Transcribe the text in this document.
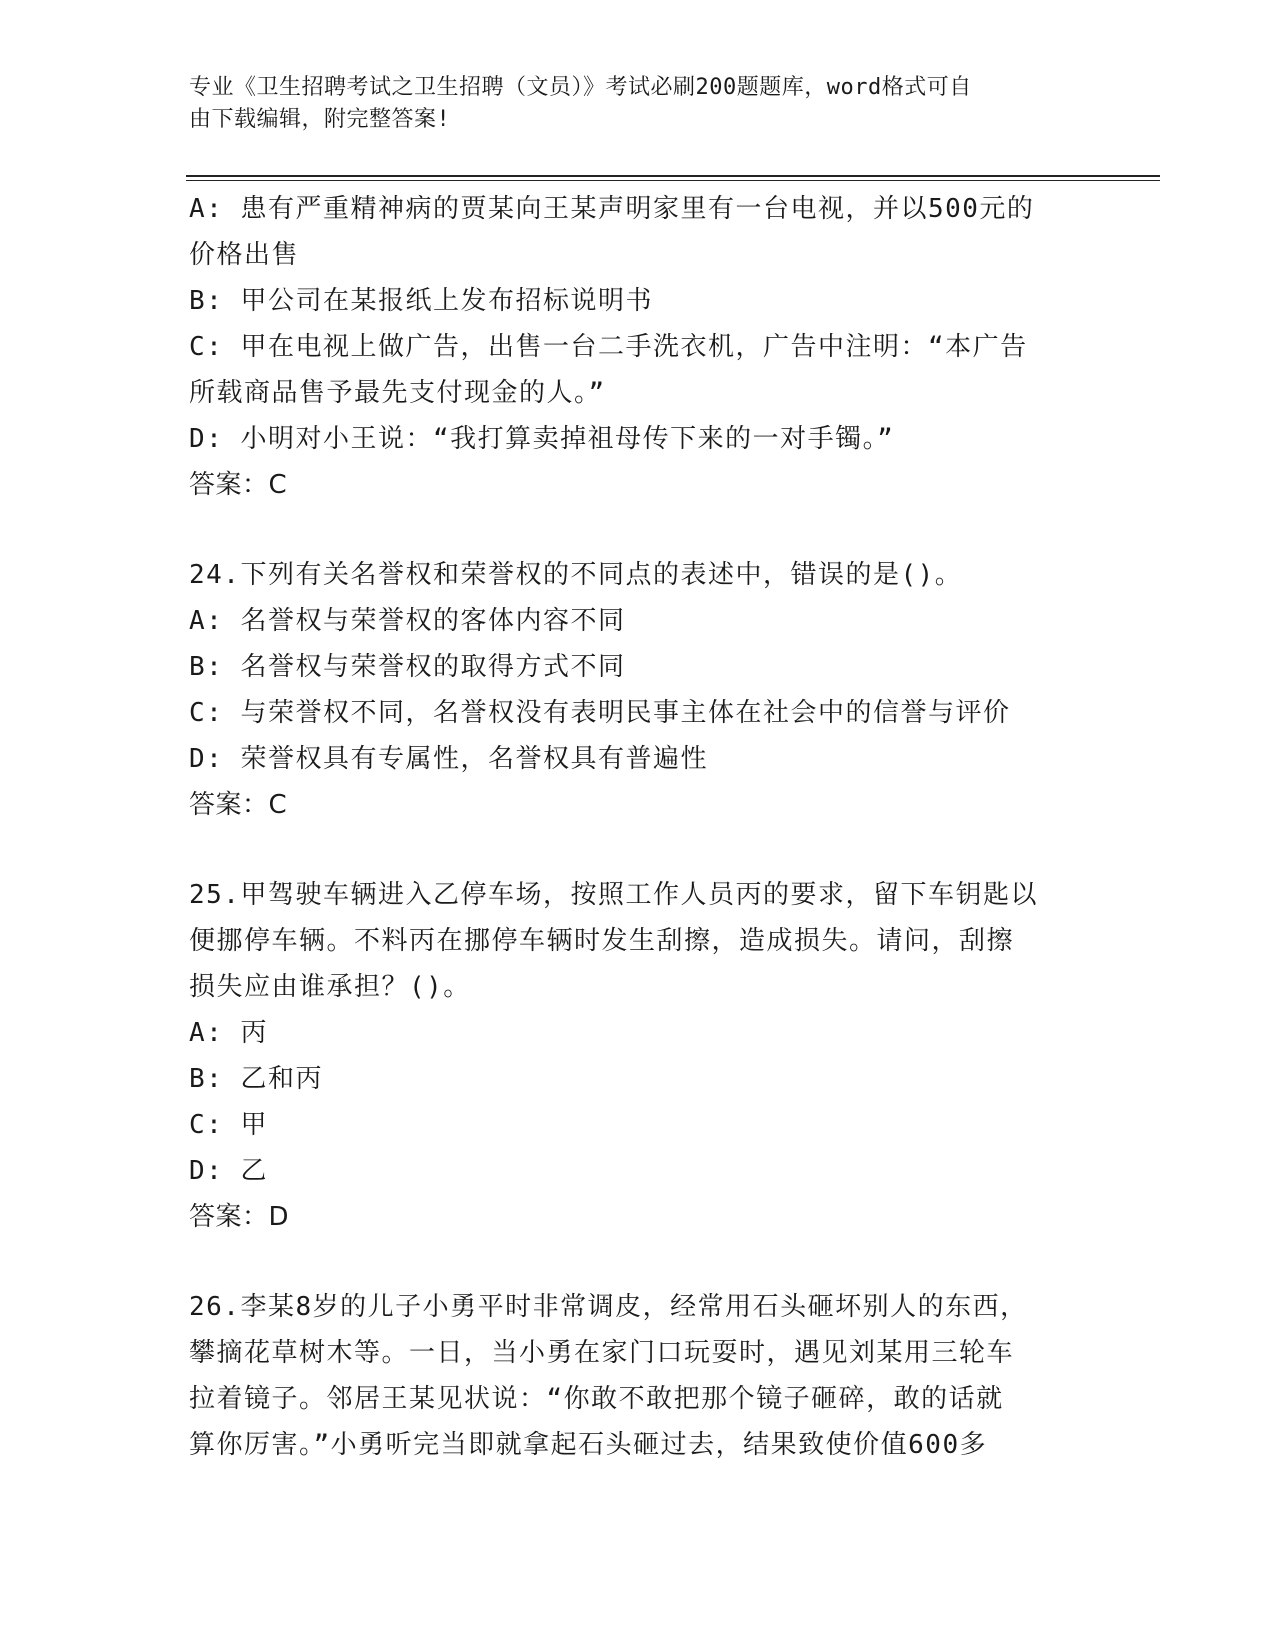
专业《卫生招聘考试之卫生招聘（文员）》考试必刷200题题库，word格式可自
由下载编辑，附完整答案!
A: 患有严重精神病的贾某向王某声明家里有一台电视，并以500元的
价格出售
B: 甲公司在某报纸上发布招标说明书
C: 甲在电视上做广告，出售一台二手洗衣机，广告中注明：“本广告
所载商品售予最先支付现金的人。”
D: 小明对小王说：“我打算卖掉祖母传下来的一对手镯。”
答案：C
24.下列有关名誉权和荣誉权的不同点的表述中，错误的是()。
A: 名誉权与荣誉权的客体内容不同
B: 名誉权与荣誉权的取得方式不同
C: 与荣誉权不同，名誉权没有表明民事主体在社会中的信誉与评价
D: 荣誉权具有专属性，名誉权具有普遍性
答案：C
25.甲驾驶车辆进入乙停车场，按照工作人员丙的要求，留下车钥匙以
便挪停车辆。不料丙在挪停车辆时发生刮擦，造成损失。请问，刮擦
损失应由谁承担？()。
A: 丙
B: 乙和丙
C: 甲
D: 乙
答案：D
26.李某8岁的儿子小勇平时非常调皮，经常用石头砸坏别人的东西，
攀摘花草树木等。一日，当小勇在家门口玩耍时，遇见刘某用三轮车
拉着镜子。邻居王某见状说：“你敢不敢把那个镜子砸碎，敢的话就
算你厉害。”小勇听完当即就拿起石头砸过去，结果致使价值600多
